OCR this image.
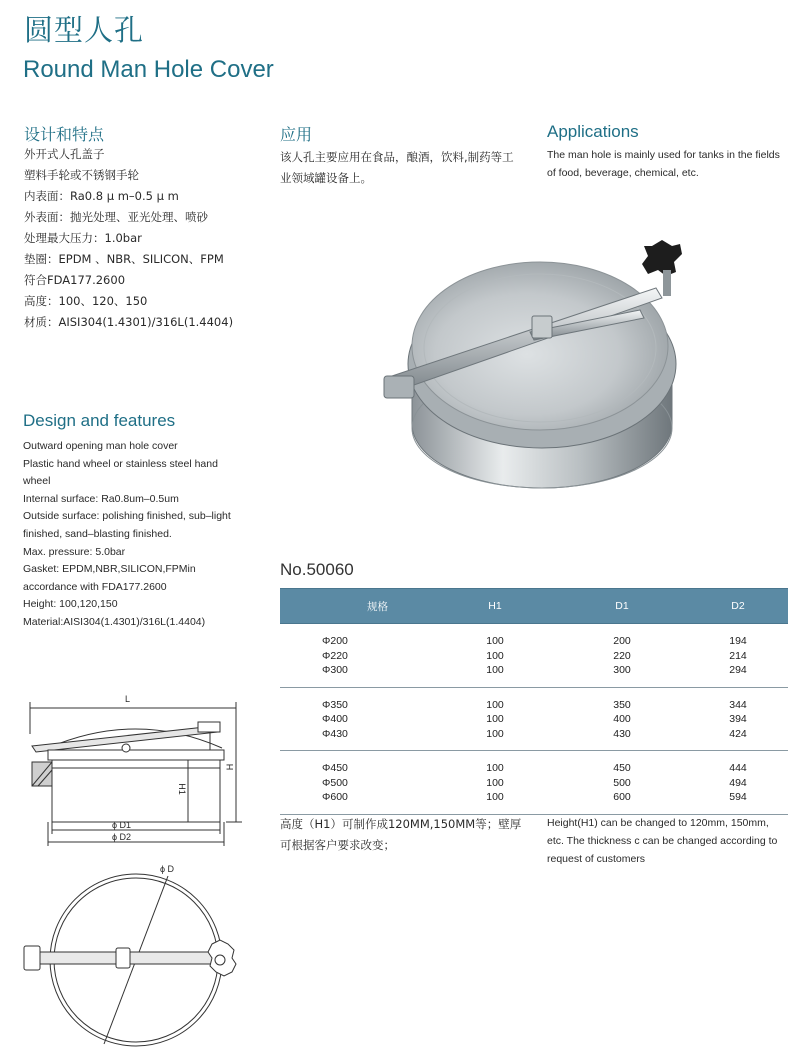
圆型人孔
Round Man Hole Cover
设计和特点
外开式人孔盖子
塑料手轮或不锈钢手轮
内表面：Ra0.8 μ m–0.5 μ m
外表面：抛光处理、亚光处理、喷砂
处理最大压力：1.0bar
垫圈：EPDM 、NBR、SILICON、FPM
符合FDA177.2600
高度：100、120、150
材质：AISI304(1.4301)/316L(1.4404)
应用
该人孔主要应用在食品，酿酒，饮料,制药等工业领域罐设备上。
Applications
The man hole is mainly used for tanks in the fields of food, beverage, chemical, etc.
Design and features
Outward opening man hole cover
Plastic hand wheel or stainless steel hand
wheel
Internal surface: Ra0.8um–0.5um
Outside surface: polishing finished, sub–light
finished, sand–blasting finished.
Max. pressure: 5.0bar
Gasket: EPDM,NBR,SILICON,FPMin
accordance with FDA177.2600
Height: 100,120,150
Material:AISI304(1.4301)/316L(1.4404)
No.50060
规格	H1	D1	D2
Φ200	100	200	194
Φ220	100	220	214
Φ300	100	300	294
Φ350	100	350	344
Φ400	100	400	394
Φ430	100	430	424
Φ450	100	450	444
Φ500	100	500	494
Φ600	100	600	594
高度（H1）可制作成120MM,150MM等；壁厚可根据客户要求改变；
Height(H1) can be changed to 120mm, 150mm, etc. The thickness c can be changed according to request of customers
L
H
H1
ϕ D1
ϕ D2
ϕ D
